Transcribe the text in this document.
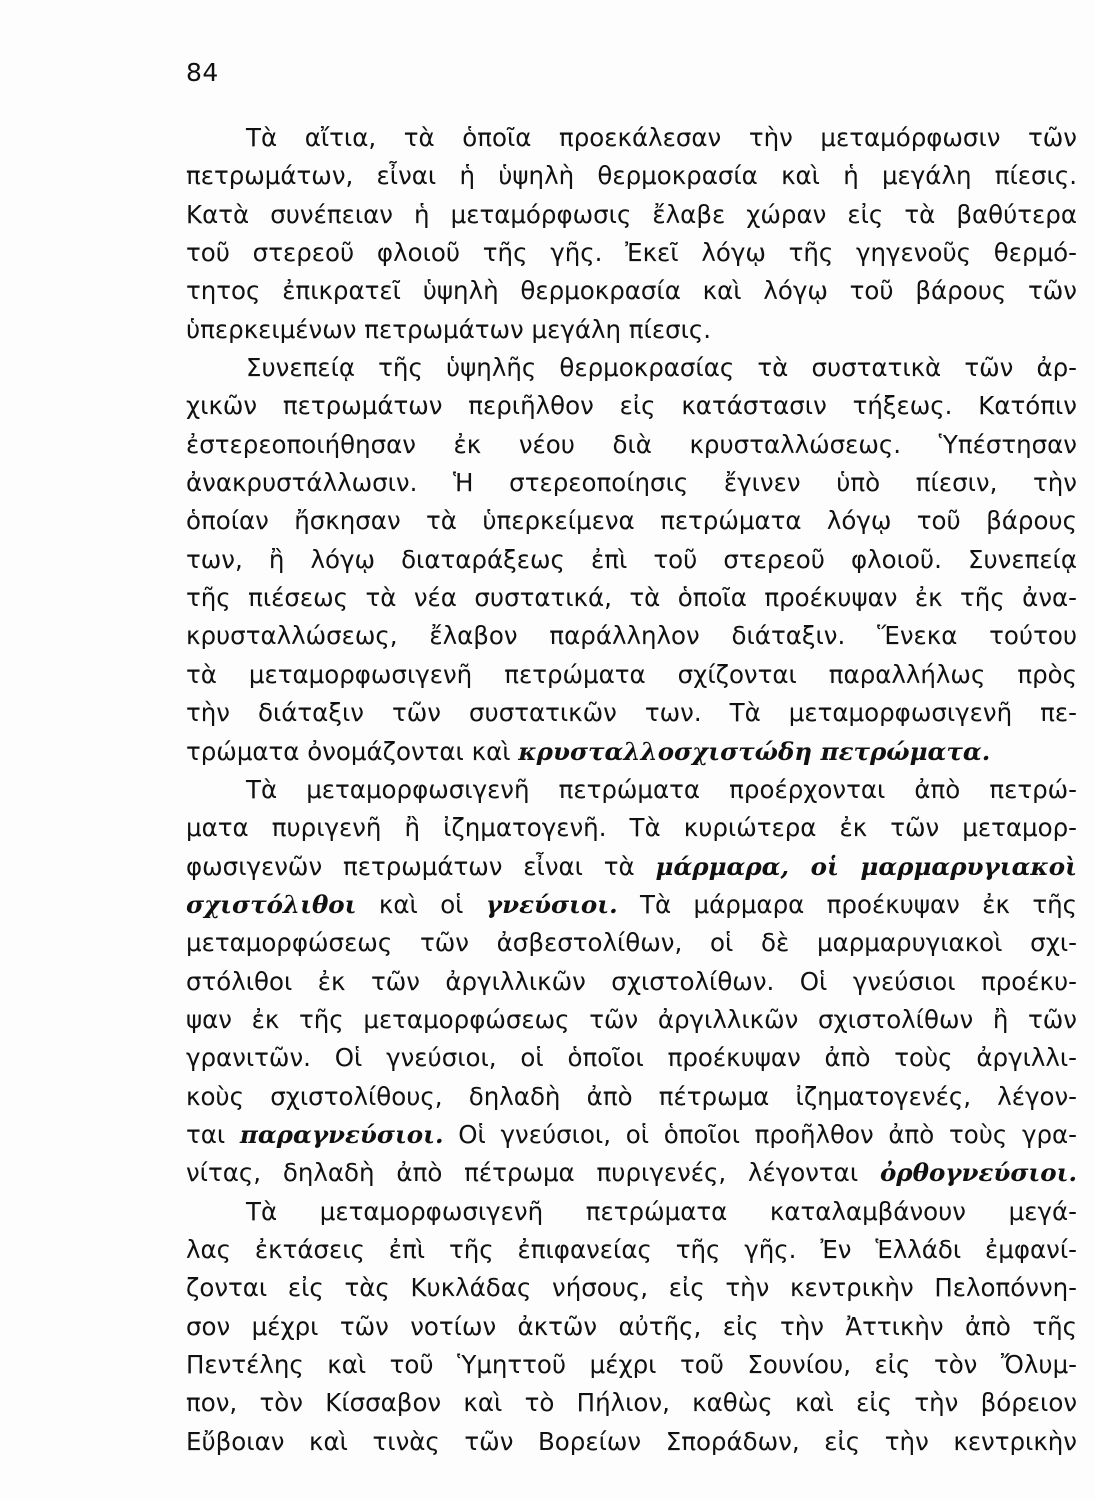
84
Τὰ αἴτια, τὰ ὁποῖα προεκάλεσαν τὴν μεταμόρφωσιν τῶν
πετρωμάτων, εἶναι ἡ ὑψηλὴ θερμοκρασία καὶ ἡ μεγάλη πίεσις.
Κατὰ συνέπειαν ἡ μεταμόρφωσις ἔλαβε χώραν εἰς τὰ βαθύτερα
τοῦ στερεοῦ φλοιοῦ τῆς γῆς. Ἐκεῖ λόγῳ τῆς γηγενοῦς θερμό-
τητος ἐπικρατεῖ ὑψηλὴ θερμοκρασία καὶ λόγῳ τοῦ βάρους τῶν
ὑπερκειμένων πετρωμάτων μεγάλη πίεσις.
Συνεπείᾳ τῆς ὑψηλῆς θερμοκρασίας τὰ συστατικὰ τῶν ἀρ-
χικῶν πετρωμάτων περιῆλθον εἰς κατάστασιν τήξεως. Κατόπιν
ἐστερεοποιήθησαν ἐκ νέου διὰ κρυσταλλώσεως. Ὑπέστησαν
ἀνακρυστάλλωσιν. Ἡ στερεοποίησις ἔγινεν ὑπὸ πίεσιν, τὴν
ὁποίαν ἤσκησαν τὰ ὑπερκείμενα πετρώματα λόγῳ τοῦ βάρους
των, ἢ λόγῳ διαταράξεως ἐπὶ τοῦ στερεοῦ φλοιοῦ. Συνεπείᾳ
τῆς πιέσεως τὰ νέα συστατικά, τὰ ὁποῖα προέκυψαν ἐκ τῆς ἀνα-
κρυσταλλώσεως, ἔλαβον παράλληλον διάταξιν. Ἕνεκα τούτου
τὰ μεταμορφωσιγενῆ πετρώματα σχίζονται παραλλήλως πρὸς
τὴν διάταξιν τῶν συστατικῶν των. Τὰ μεταμορφωσιγενῆ πε-
τρώματα ὀνομάζονται καὶ κρυσταλλοσχιστώδη πετρώματα.
Τὰ μεταμορφωσιγενῆ πετρώματα προέρχονται ἀπὸ πετρώ-
ματα πυριγενῆ ἢ ἰζηματογενῆ. Τὰ κυριώτερα ἐκ τῶν μεταμορ-
φωσιγενῶν πετρωμάτων εἶναι τὰ μάρμαρα, οἱ μαρμαρυγιακοὶ
σχιστόλιθοι καὶ οἱ γνεύσιοι. Τὰ μάρμαρα προέκυψαν ἐκ τῆς
μεταμορφώσεως τῶν ἀσβεστολίθων, οἱ δὲ μαρμαρυγιακοὶ σχι-
στόλιθοι ἐκ τῶν ἀργιλλικῶν σχιστολίθων. Οἱ γνεύσιοι προέκυ-
ψαν ἐκ τῆς μεταμορφώσεως τῶν ἀργιλλικῶν σχιστολίθων ἢ τῶν
γρανιτῶν. Οἱ γνεύσιοι, οἱ ὁποῖοι προέκυψαν ἀπὸ τοὺς ἀργιλλι-
κοὺς σχιστολίθους, δηλαδὴ ἀπὸ πέτρωμα ἰζηματογενές, λέγον-
ται παραγνεύσιοι. Οἱ γνεύσιοι, οἱ ὁποῖοι προῆλθον ἀπὸ τοὺς γρα-
νίτας, δηλαδὴ ἀπὸ πέτρωμα πυριγενές, λέγονται ὀρθογνεύσιοι.
Τὰ μεταμορφωσιγενῆ πετρώματα καταλαμβάνουν μεγά-
λας ἐκτάσεις ἐπὶ τῆς ἐπιφανείας τῆς γῆς. Ἐν Ἑλλάδι ἐμφανί-
ζονται εἰς τὰς Κυκλάδας νήσους, εἰς τὴν κεντρικὴν Πελοπόννη-
σον μέχρι τῶν νοτίων ἀκτῶν αὐτῆς, εἰς τὴν Ἀττικὴν ἀπὸ τῆς
Πεντέλης καὶ τοῦ Ὑμηττοῦ μέχρι τοῦ Σουνίου, εἰς τὸν Ὄλυμ-
πον, τὸν Κίσσαβον καὶ τὸ Πήλιον, καθὼς καὶ εἰς τὴν βόρειον
Εὔβοιαν καὶ τινὰς τῶν Βορείων Σποράδων, εἰς τὴν κεντρικὴν
